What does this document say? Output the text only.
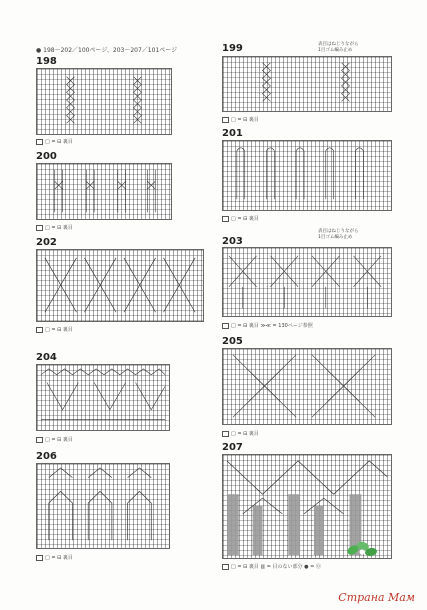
● 198〜202／100ページ、203〜207／101ページ
198
□ = ⊟ 裏目
199	表目はねじりながら
1目ゴム編み止め
□ = ⊟ 裏目
200
□ = ⊟ 裏目
201
□ = ⊟ 裏目
202
□ = ⊟ 裏目
203
表目はねじりながら
1目ゴム編み止め
□ = ⊟ 裏目 ≫≪ = 130ページ参照
204
□ = ⊟ 裏目
205
□ = ⊟ 裏目
206
□ = ⊟ 裏目
207
□ = ⊟ 裏目 ▥ = 目のない部分 ● = ⓪
Страна Мам
